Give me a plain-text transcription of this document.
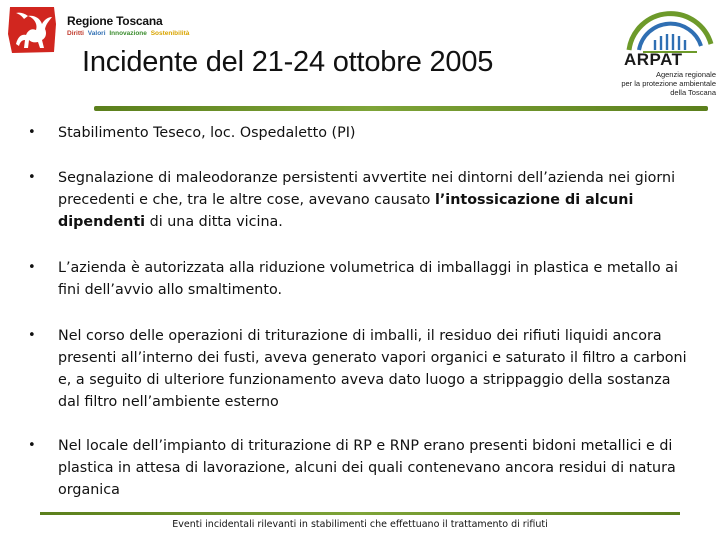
Regione Toscana
Diritti Valori Innovazione Sostenibilità
Incidente del 21-24 ottobre 2005	ARPAT
Agenzia regionale
per la protezione ambientale
della Toscana
•	Stabilimento Teseco, loc. Ospedaletto (PI)
•	Segnalazione di maleodoranze persistenti avvertite nei dintorni dell’azienda nei giorni precedenti e che, tra le altre cose, avevano causato l’intossicazione di alcuni dipendenti di una ditta vicina.
•	L’azienda è autorizzata alla riduzione volumetrica di imballaggi in plastica e metallo ai fini dell’avvio allo smaltimento.
•	Nel corso delle operazioni di triturazione di imballi, il residuo dei rifiuti liquidi ancora presenti all’interno dei fusti, aveva generato vapori organici e saturato il filtro a carboni e, a seguito di ulteriore funzionamento aveva dato luogo a strippaggio della sostanza dal filtro nell’ambiente esterno
•	Nel locale dell’impianto di triturazione di RP e RNP erano presenti bidoni metallici e di plastica in attesa di lavorazione, alcuni dei quali contenevano ancora residui di natura organica
Eventi incidentali rilevanti in stabilimenti che effettuano il trattamento di rifiuti
